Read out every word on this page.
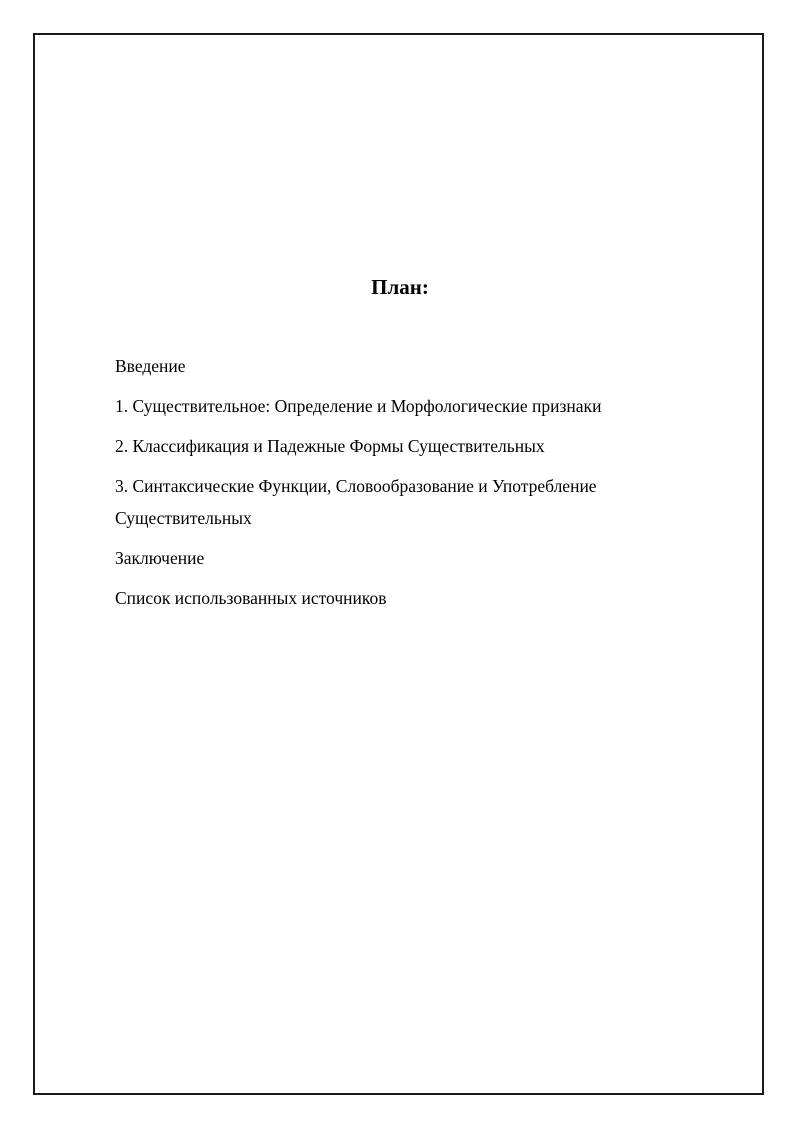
План:
Введение
1. Существительное: Определение и Морфологические признаки
2. Классификация и Падежные Формы Существительных
3. Синтаксические Функции, Словообразование и Употребление Существительных
Заключение
Список использованных источников
